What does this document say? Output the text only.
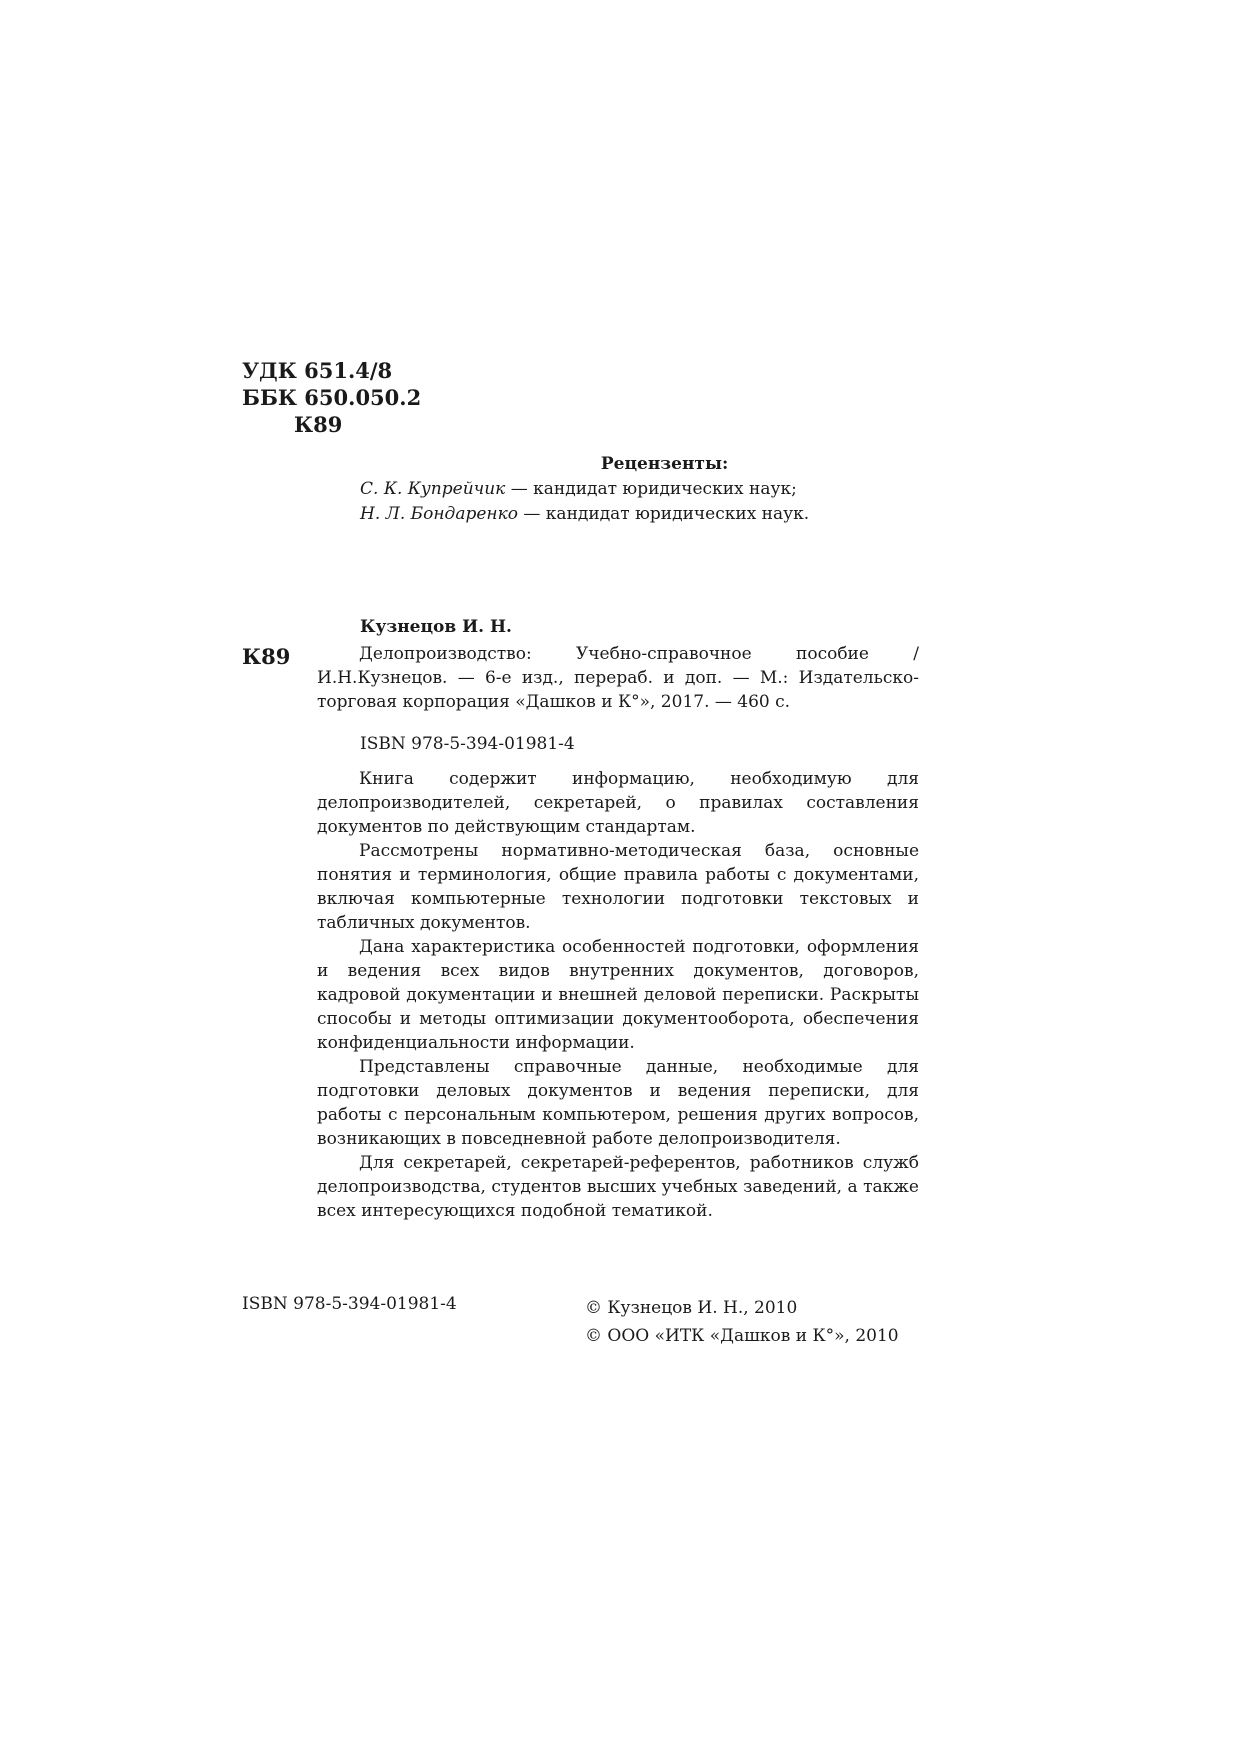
УДК 651.4/8
ББК 650.050.2
К89
Рецензенты:
С. К. Купрейчик — кандидат юридических наук;
Н. Л. Бондаренко — кандидат юридических наук.
Кузнецов И. Н.
К89	Делопроизводство: Учебно-справочное пособие / И.Н.Кузнецов. — 6-е изд., перераб. и доп. — М.: Издательско-торговая корпорация «Дашков и К°», 2017. — 460 с.
ISBN 978-5-394-01981-4

Книга содержит информацию, необходимую для делопроизводителей, секретарей, о правилах составления документов по действующим стандартам.

Рассмотрены нормативно-методическая база, основные понятия и терминология, общие правила работы с документами, включая компьютерные технологии подготовки текстовых и табличных документов.

Дана характеристика особенностей подготовки, оформления и ведения всех видов внутренних документов, договоров, кадровой документации и внешней деловой переписки. Раскрыты способы и методы оптимизации документооборота, обеспечения конфиденциальности информации.

Представлены справочные данные, необходимые для подготовки деловых документов и ведения переписки, для работы с персональным компьютером, решения других вопросов, возникающих в повседневной работе делопроизводителя.

Для секретарей, секретарей-референтов, работников служб делопроизводства, студентов высших учебных заведений, а также всех интересующихся подобной тематикой.

ISBN 978-5-394-01981-4	© Кузнецов И. Н., 2010
© ООО «ИТК «Дашков и К°», 2010
